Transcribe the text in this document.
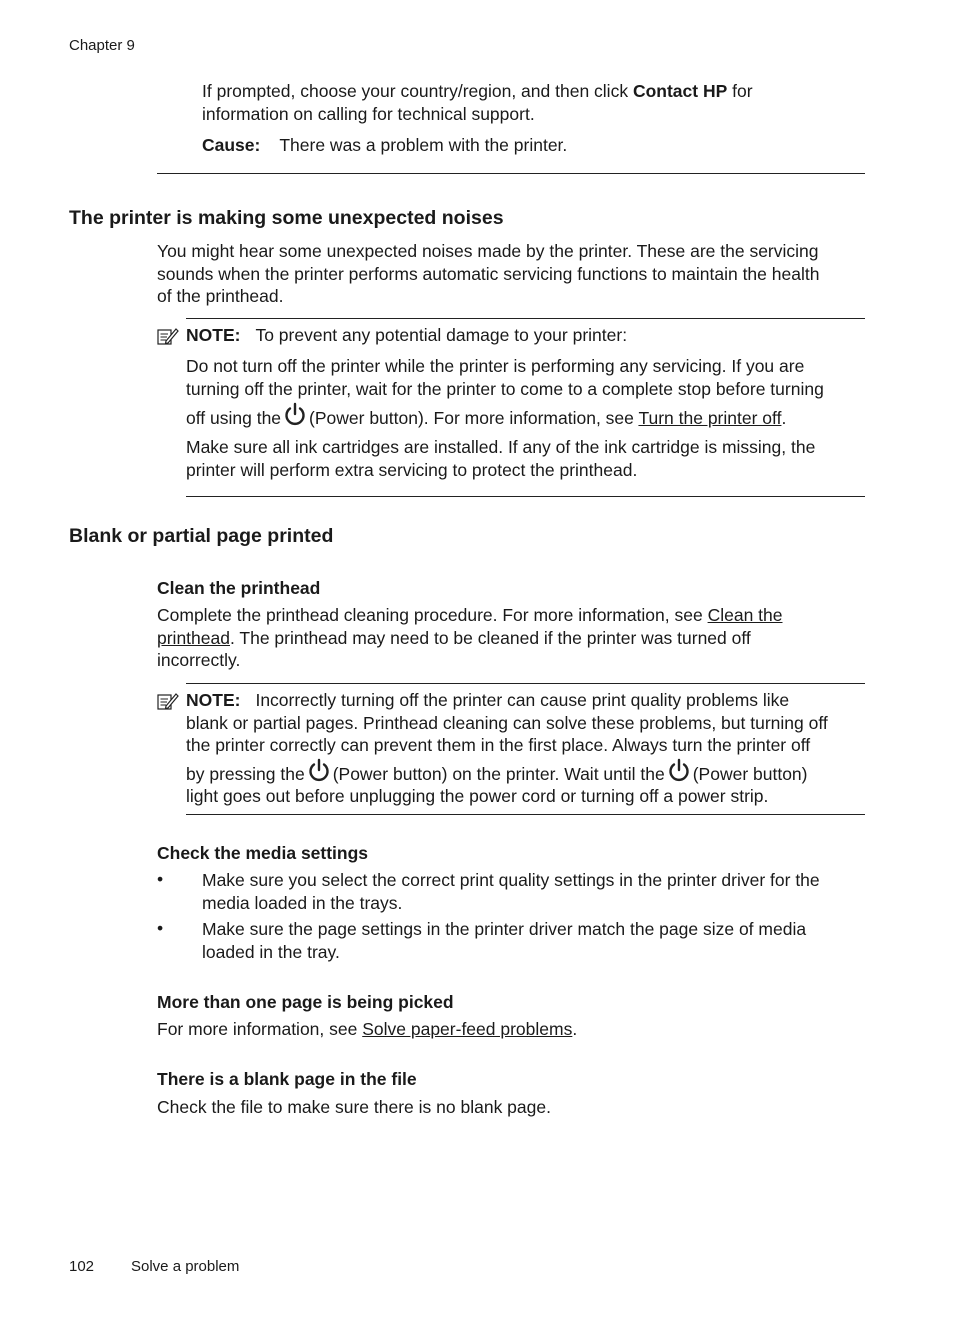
Chapter 9
If prompted, choose your country/region, and then click Contact HP for
information on calling for technical support.
Cause: There was a problem with the printer.
The printer is making some unexpected noises
You might hear some unexpected noises made by the printer. These are the servicing
sounds when the printer performs automatic servicing functions to maintain the health
of the printhead.
NOTE: To prevent any potential damage to your printer:
Do not turn off the printer while the printer is performing any servicing. If you are
turning off the printer, wait for the printer to come to a complete stop before turning
off using the (Power button). For more information, see Turn the printer off.
Make sure all ink cartridges are installed. If any of the ink cartridge is missing, the
printer will perform extra servicing to protect the printhead.
Blank or partial page printed
Clean the printhead
Complete the printhead cleaning procedure. For more information, see Clean the
printhead. The printhead may need to be cleaned if the printer was turned off
incorrectly.
NOTE: Incorrectly turning off the printer can cause print quality problems like
blank or partial pages. Printhead cleaning can solve these problems, but turning off
the printer correctly can prevent them in the first place. Always turn the printer off
by pressing the (Power button) on the printer. Wait until the (Power button)
light goes out before unplugging the power cord or turning off a power strip.
Check the media settings
• Make sure you select the correct print quality settings in the printer driver for the
media loaded in the trays.
• Make sure the page settings in the printer driver match the page size of media
loaded in the tray.
More than one page is being picked
For more information, see Solve paper-feed problems.
There is a blank page in the file
Check the file to make sure there is no blank page.
102 Solve a problem
